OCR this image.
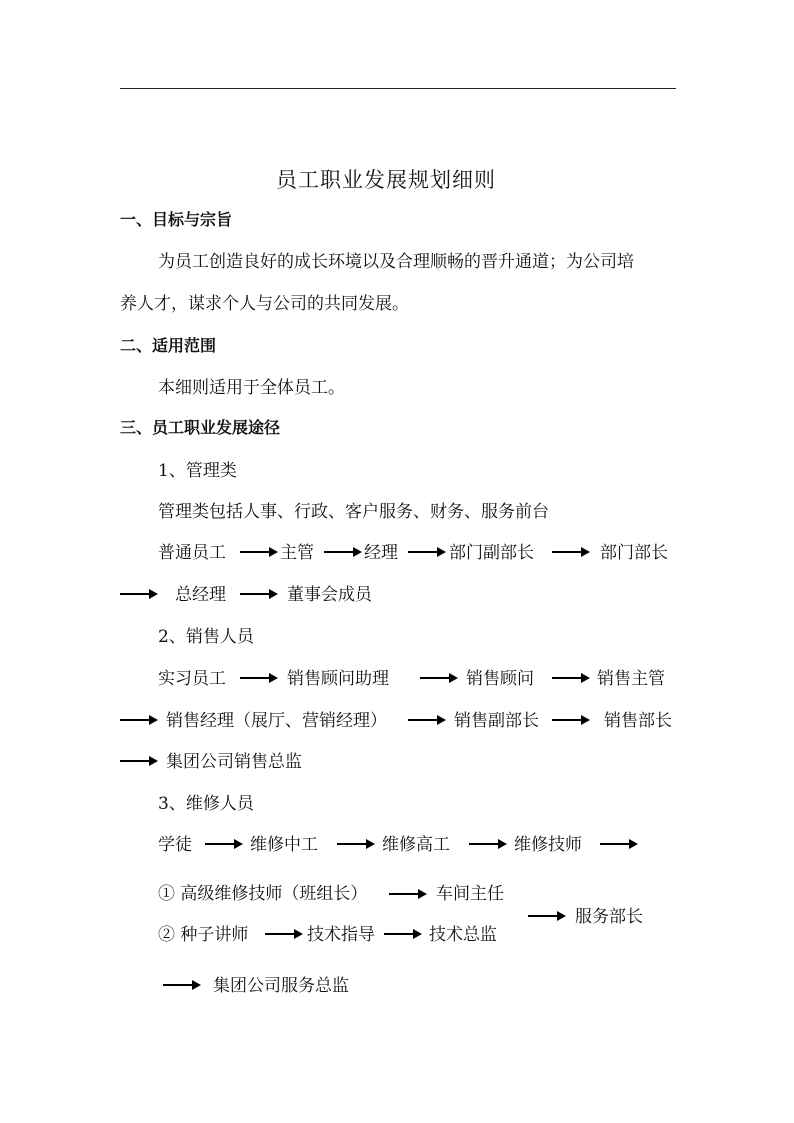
员工职业发展规划细则
一、目标与宗旨
为员工创造良好的成长环境以及合理顺畅的晋升通道；为公司培
养人才，谋求个人与公司的共同发展。
二、适用范围
本细则适用于全体员工。
三、员工职业发展途径
1、管理类
管理类包括人事、行政、客户服务、财务、服务前台
普通员工	主管	经理	部门副部长	部门部长
总经理	董事会成员
2、销售人员
实习员工	销售顾问助理	销售顾问	销售主管
销售经理（展厅、营销经理）	销售副部长	销售部长
集团公司销售总监
3、维修人员
学徒	维修中工	维修高工	维修技师
① 高级维修技师（班组长）	车间主任
② 种子讲师	技术指导	技术总监
服务部长
集团公司服务总监
